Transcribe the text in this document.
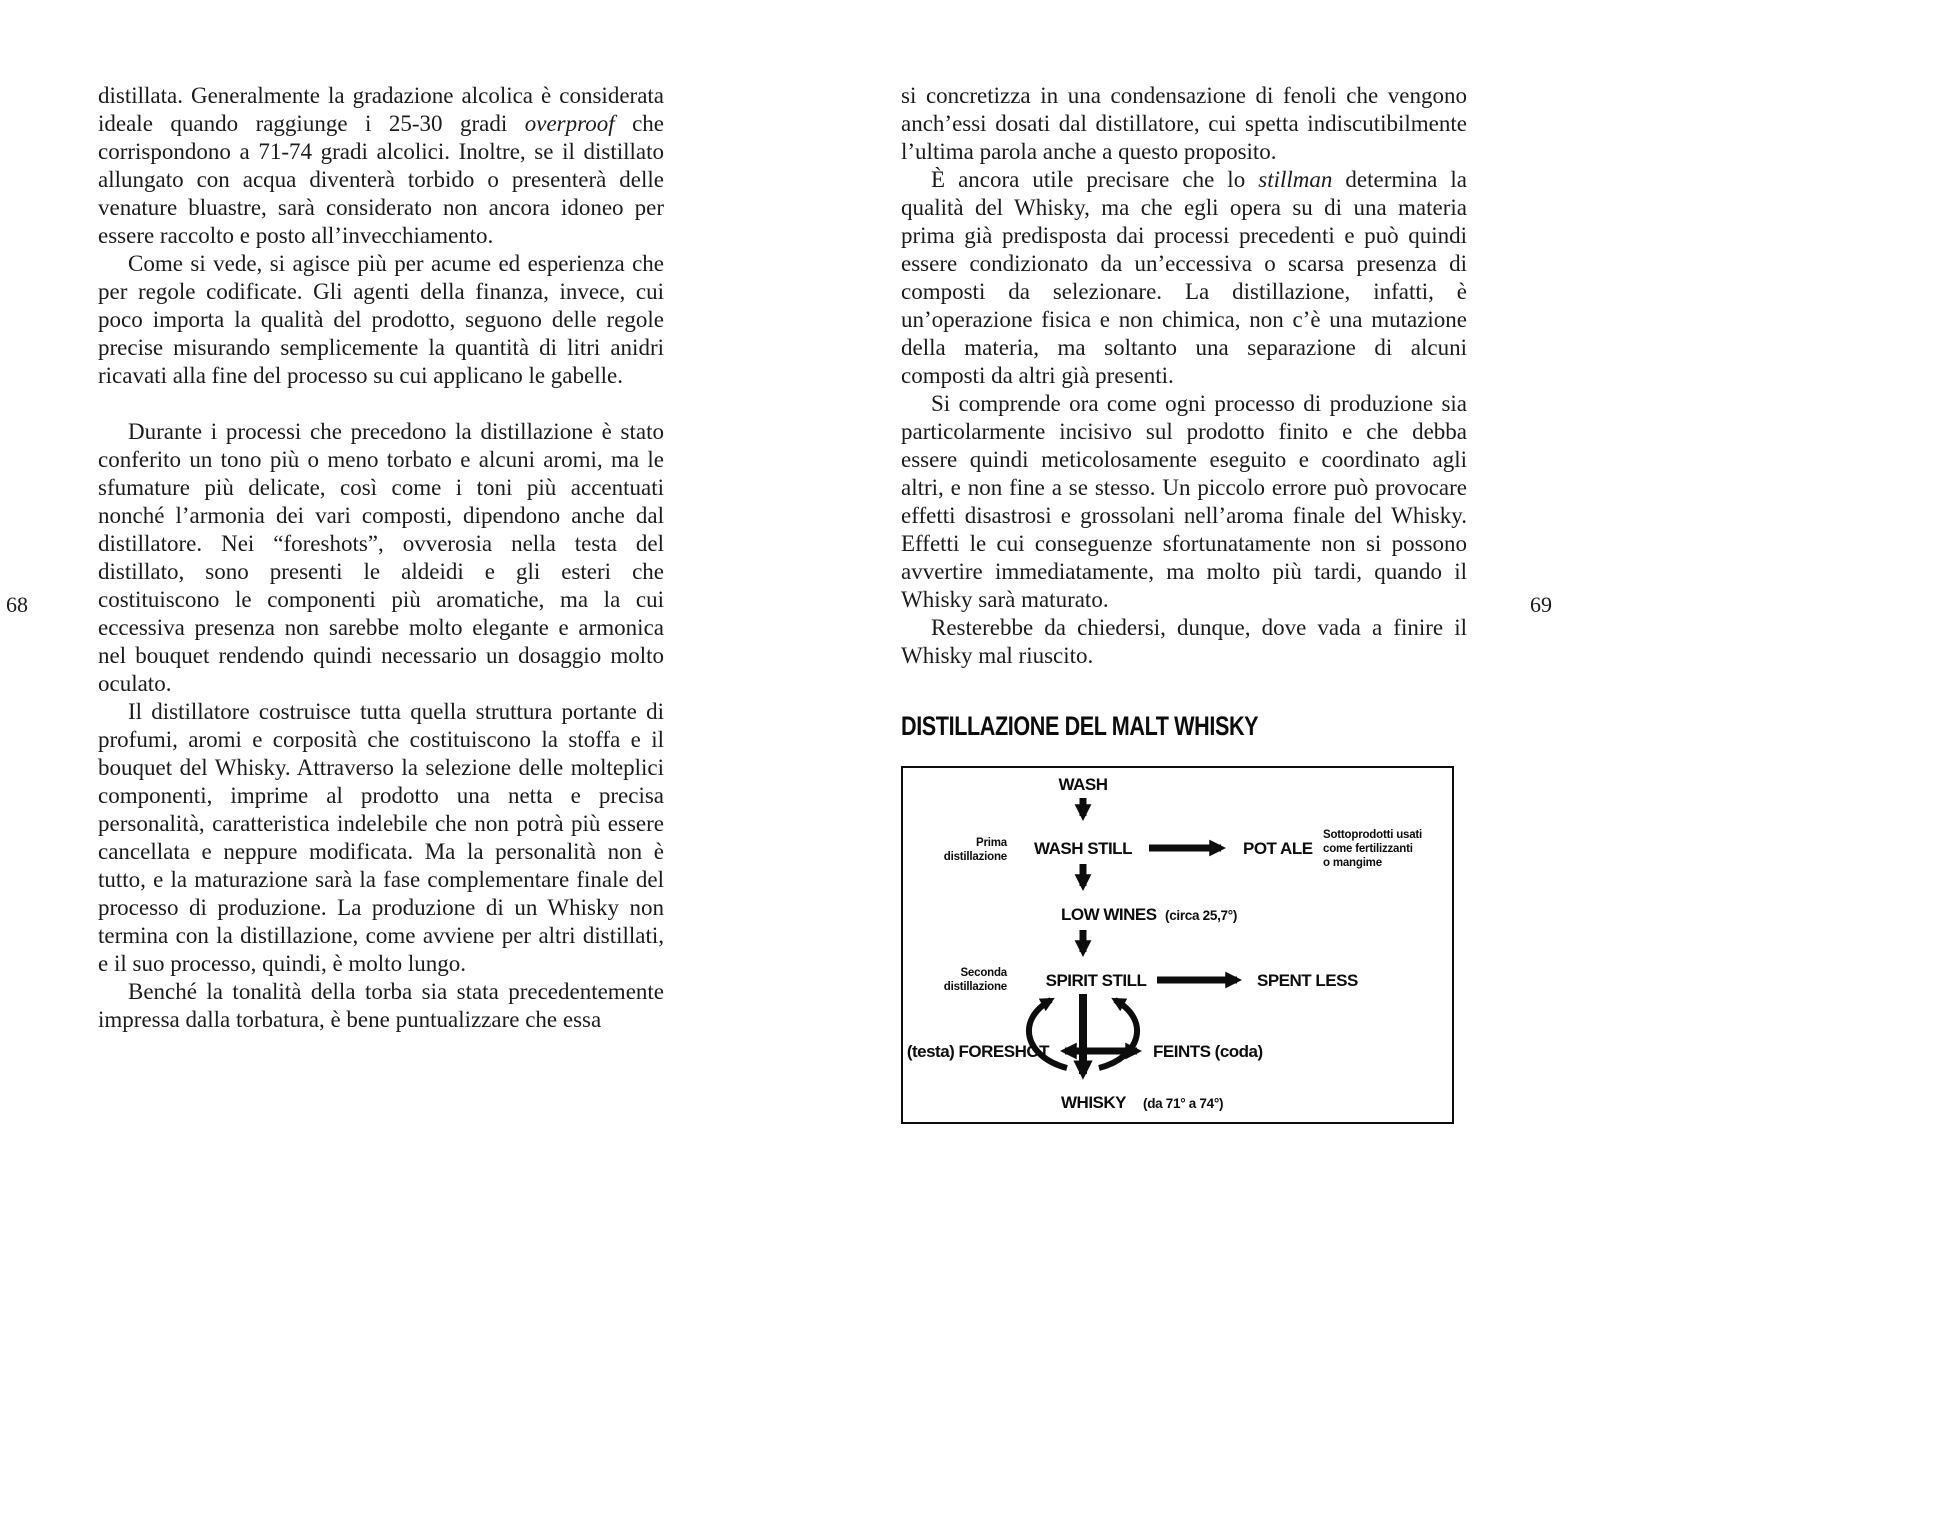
68

distillata. Generalmente la gradazione alcolica è considerata ideale quando raggiunge i 25-30 gradi overproof che corrispondono a 71-74 gradi alcolici. Inoltre, se il distillato allungato con acqua diventerà torbido o presenterà delle venature bluastre, sarà considerato non ancora idoneo per essere raccolto e posto all’invecchiamento.

Come si vede, si agisce più per acume ed esperienza che per regole codificate. Gli agenti della finanza, invece, cui poco importa la qualità del prodotto, seguono delle regole precise misurando semplicemente la quantità di litri anidri ricavati alla fine del processo su cui applicano le gabelle.

Durante i processi che precedono la distillazione è stato conferito un tono più o meno torbato e alcuni aromi, ma le sfumature più delicate, così come i toni più accentuati nonché l’armonia dei vari composti, dipendono anche dal distillatore. Nei “foreshots”, ovverosia nella testa del distillato, sono presenti le aldeidi e gli esteri che costituiscono le componenti più aromatiche, ma la cui eccessiva presenza non sarebbe molto elegante e armonica nel bouquet rendendo quindi necessario un dosaggio molto oculato.

Il distillatore costruisce tutta quella struttura portante di profumi, aromi e corposità che costituiscono la stoffa e il bouquet del Whisky. Attraverso la selezione delle molteplici componenti, imprime al prodotto una netta e precisa personalità, caratteristica indelebile che non potrà più essere cancellata e neppure modificata. Ma la personalità non è tutto, e la maturazione sarà la fase complementare finale del processo di produzione. La produzione di un Whisky non termina con la distillazione, come avviene per altri distillati, e il suo processo, quindi, è molto lungo.

Benché la tonalità della torba sia stata precedentemente impressa dalla torbatura, è bene puntualizzare che essa

69

si concretizza in una condensazione di fenoli che vengono anch’essi dosati dal distillatore, cui spetta indiscutibilmente l’ultima parola anche a questo proposito.

È ancora utile precisare che lo stillman determina la qualità del Whisky, ma che egli opera su di una materia prima già predisposta dai processi precedenti e può quindi essere condizionato da un’eccessiva o scarsa presenza di composti da selezionare. La distillazione, infatti, è un’operazione fisica e non chimica, non c’è una mutazione della materia, ma soltanto una separazione di alcuni composti da altri già presenti.

Si comprende ora come ogni processo di produzione sia particolarmente incisivo sul prodotto finito e che debba essere quindi meticolosamente eseguito e coordinato agli altri, e non fine a se stesso. Un piccolo errore può provocare effetti disastrosi e grossolani nell’aroma finale del Whisky. Effetti le cui conseguenze sfortunatamente non si possono avvertire immediatamente, ma molto più tardi, quando il Whisky sarà maturato.

Resterebbe da chiedersi, dunque, dove vada a finire il Whisky mal riuscito.

DISTILLAZIONE DEL MALT WHISKY
WASH
WASH STILL	POT ALE
Prima
distillazione
Sottoprodotti usati
come fertilizzanti
o mangime
LOW WINES (circa 25,7°)
SPIRIT STILL	SPENT LESS
Seconda
distillazione
(testa) FORESHOT	FEINTS (coda)
WHISKY (da 71° a 74°)
